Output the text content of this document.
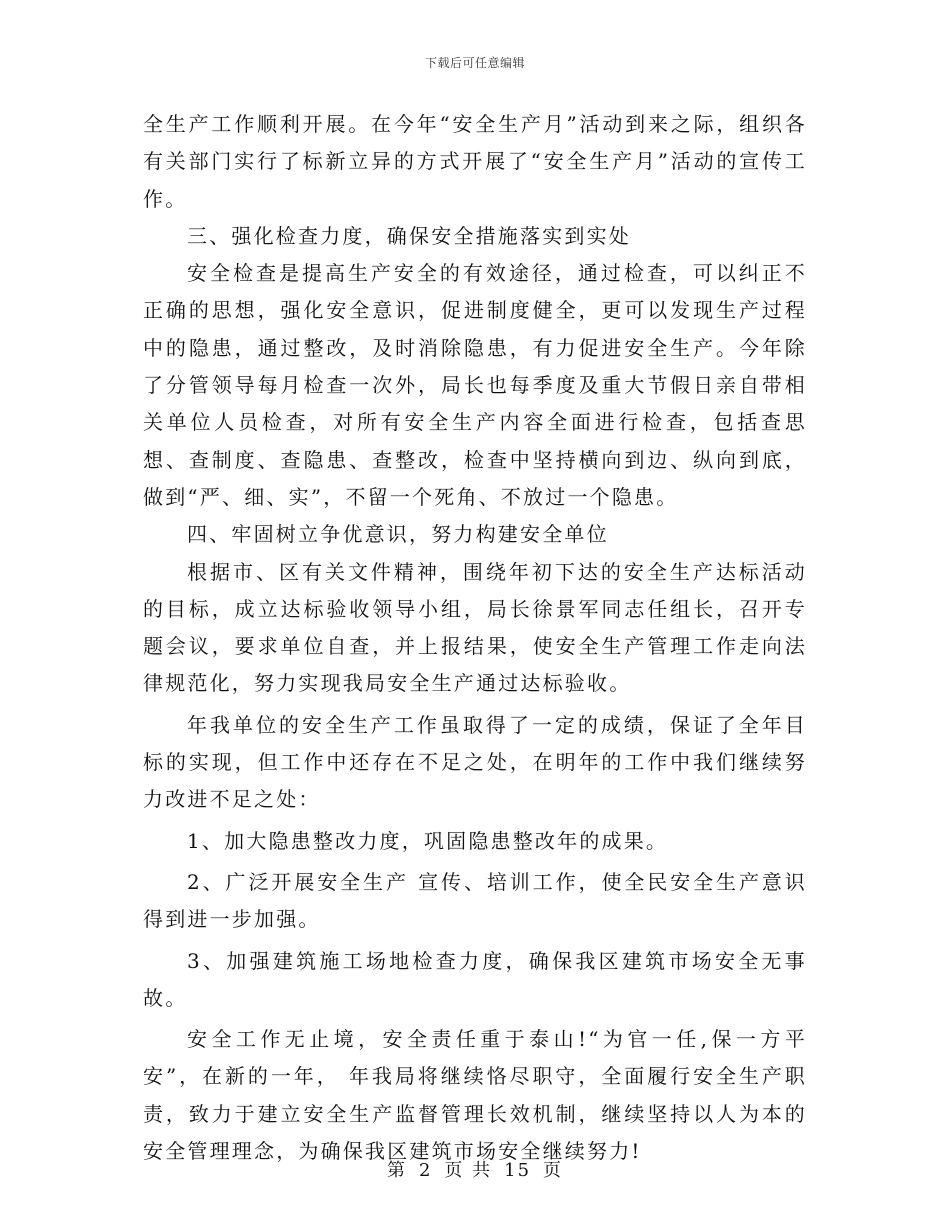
下载后可任意编辑

全生产工作顺利开展。在今年“安全生产月”活动到来之际，组织各有关部门实行了标新立异的方式开展了“安全生产月”活动的宣传工作。

三、强化检查力度，确保安全措施落实到实处

安全检查是提高生产安全的有效途径，通过检查，可以纠正不正确的思想，强化安全意识，促进制度健全，更可以发现生产过程中的隐患，通过整改，及时消除隐患，有力促进安全生产。今年除了分管领导每月检查一次外，局长也每季度及重大节假日亲自带相关单位人员检查，对所有安全生产内容全面进行检查，包括查思想、查制度、查隐患、查整改，检查中坚持横向到边、纵向到底，做到“严、细、实”，不留一个死角、不放过一个隐患。

四、牢固树立争优意识，努力构建安全单位

根据市、区有关文件精神，围绕年初下达的安全生产达标活动的目标，成立达标验收领导小组，局长徐景军同志任组长，召开专题会议，要求单位自查，并上报结果，使安全生产管理工作走向法律规范化，努力实现我局安全生产通过达标验收。

年我单位的安全生产工作虽取得了一定的成绩，保证了全年目标的实现，但工作中还存在不足之处，在明年的工作中我们继续努力改进不足之处：

1、加大隐患整改力度，巩固隐患整改年的成果。

2、广泛开展安全生产 宣传、培训工作，使全民安全生产意识得到进一步加强。

3、加强建筑施工场地检查力度，确保我区建筑市场安全无事故。

安全工作无止境，安全责任重于泰山!“为官一任,保一方平安”，在新的一年， 年我局将继续恪尽职守，全面履行安全生产职责，致力于建立安全生产监督管理长效机制，继续坚持以人为本的安全管理理念，为确保我区建筑市场安全继续努力!

第 2 页 共 15 页
